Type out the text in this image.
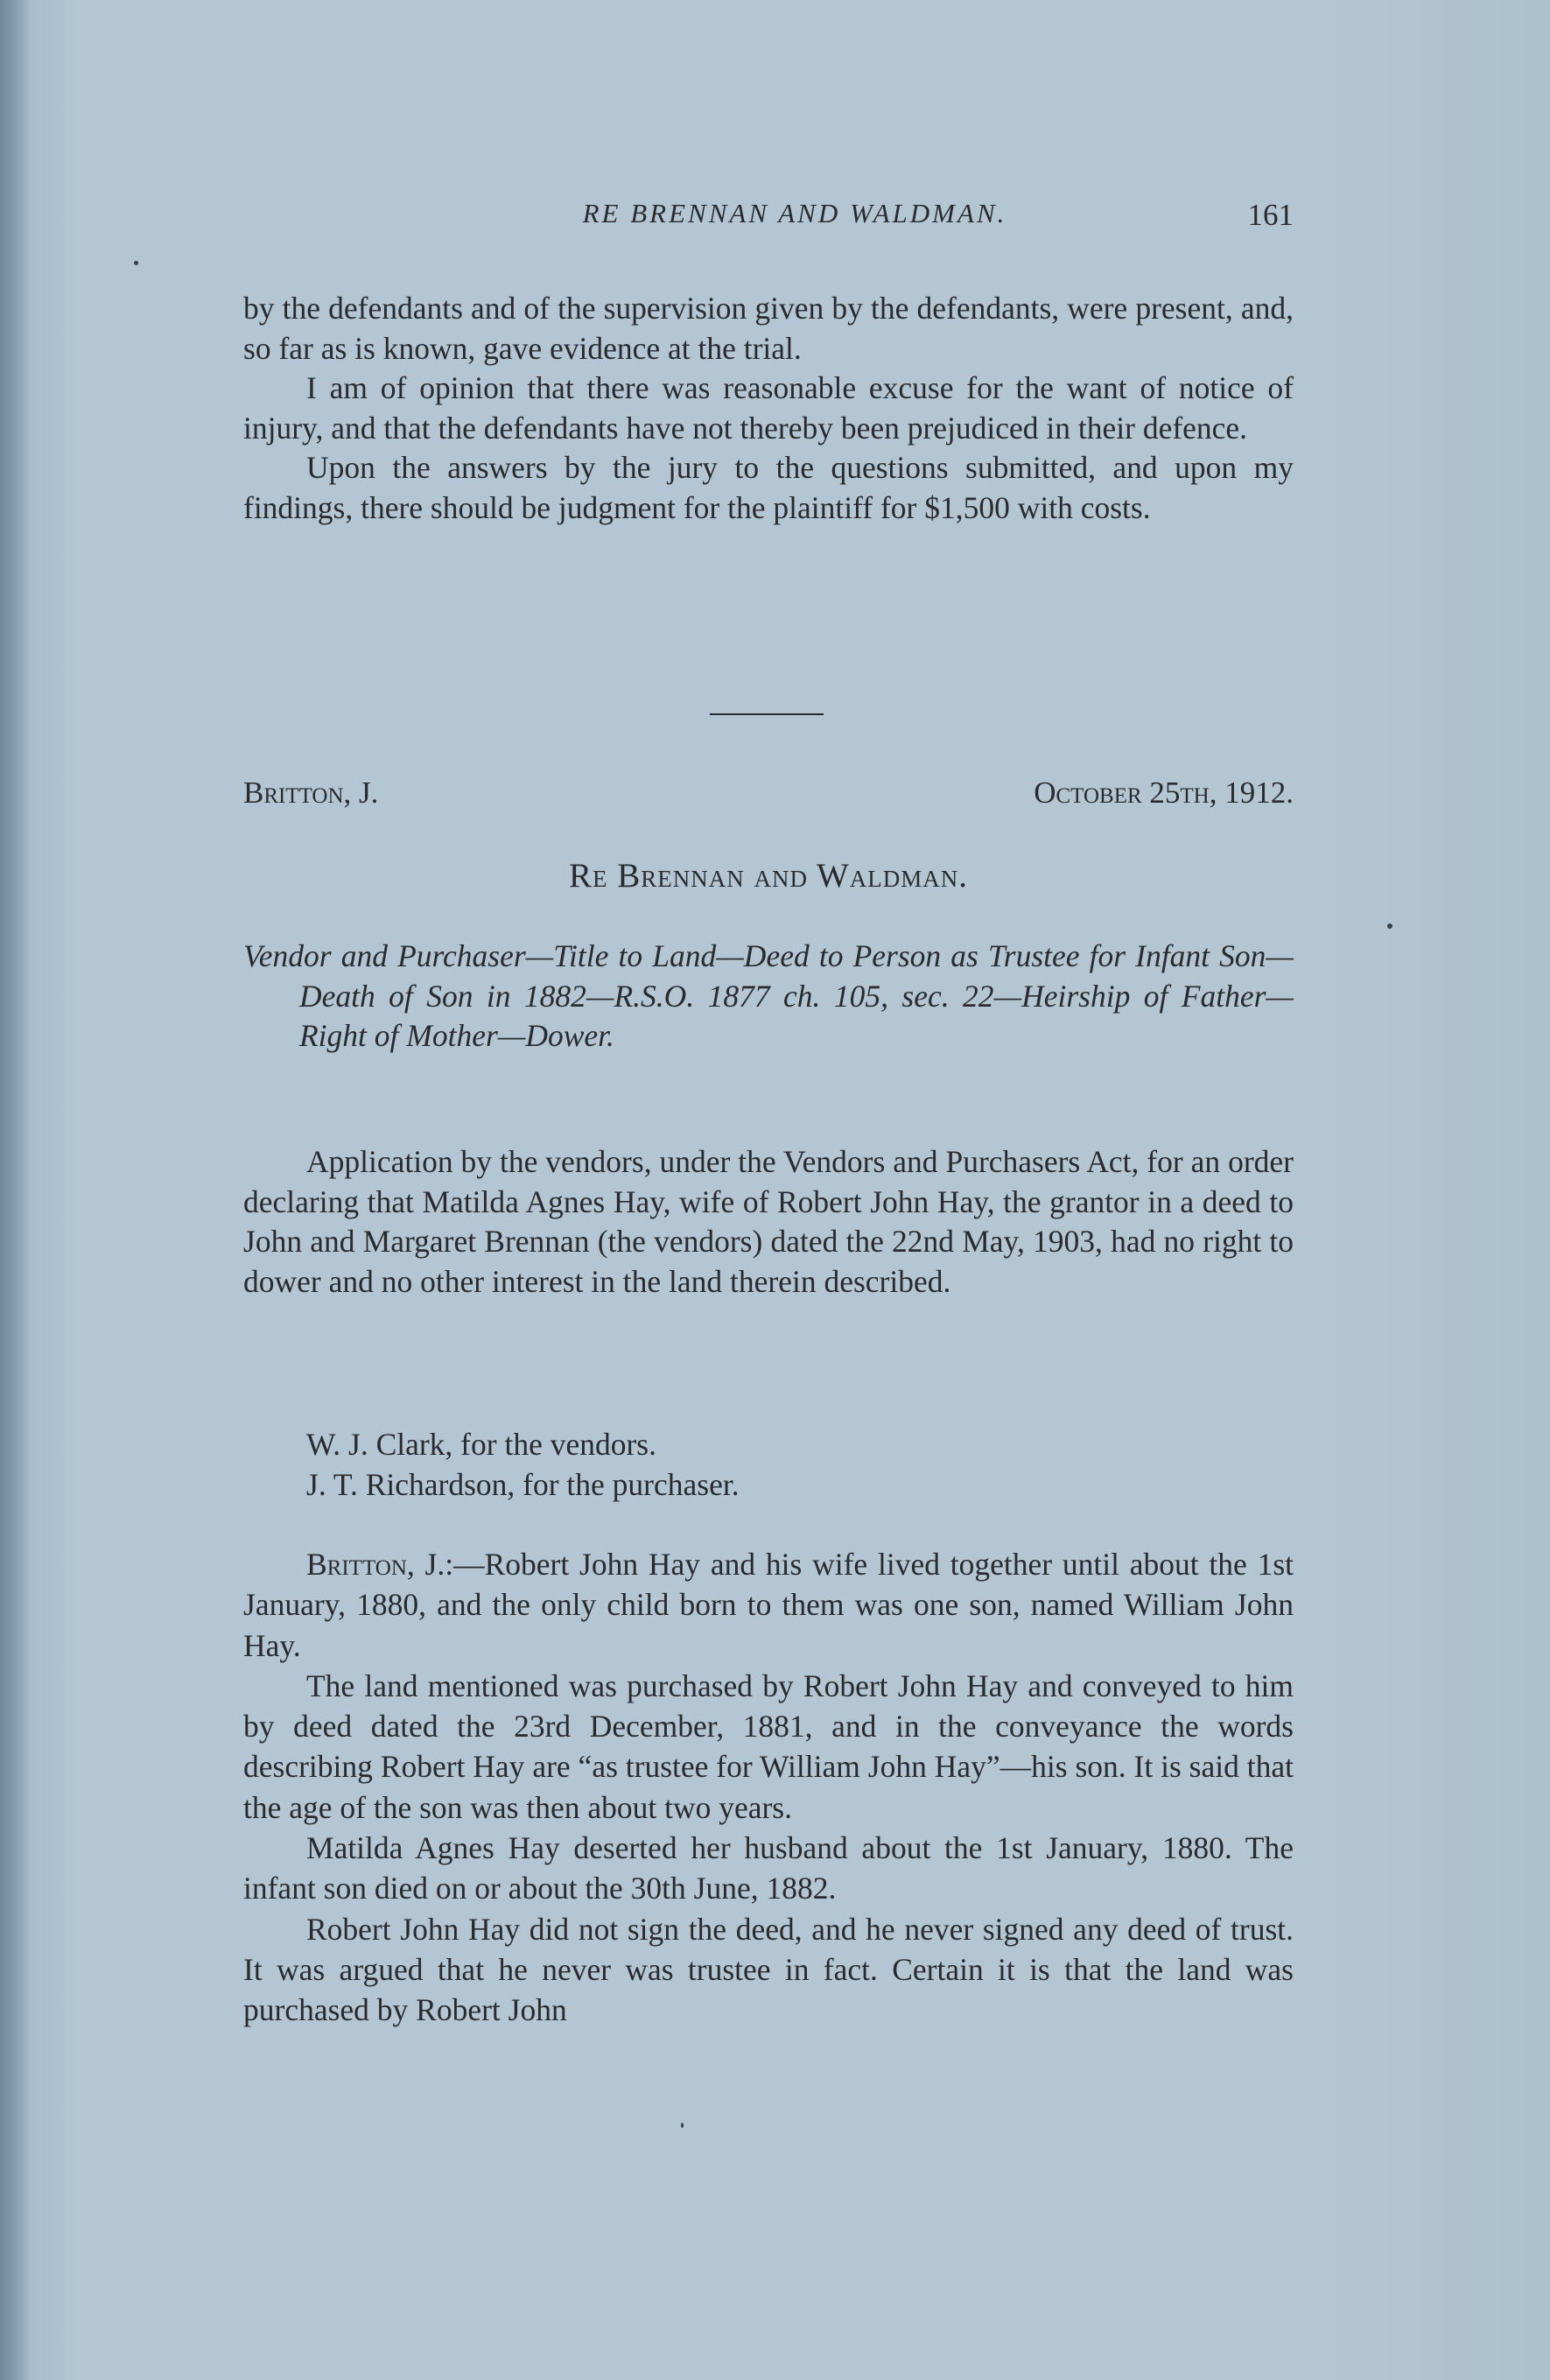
RE BRENNAN AND WALDMAN.	161

by the defendants and of the supervision given by the defendants, were present, and, so far as is known, gave evidence at the trial.

I am of opinion that there was reasonable excuse for the want of notice of injury, and that the defendants have not thereby been prejudiced in their defence.

Upon the answers by the jury to the questions submitted, and upon my findings, there should be judgment for the plaintiff for $1,500 with costs.

Britton, J.	October 25th, 1912.
Re Brennan and Waldman.
Vendor and Purchaser—Title to Land—Deed to Person as Trustee for Infant Son—Death of Son in 1882—R.S.O. 1877 ch. 105, sec. 22—Heirship of Father—Right of Mother—Dower.
Application by the vendors, under the Vendors and Purchasers Act, for an order declaring that Matilda Agnes Hay, wife of Robert John Hay, the grantor in a deed to John and Margaret Brennan (the vendors) dated the 22nd May, 1903, had no right to dower and no other interest in the land therein described.
W. J. Clark, for the vendors.
J. T. Richardson, for the purchaser.

Britton, J.:—Robert John Hay and his wife lived together until about the 1st January, 1880, and the only child born to them was one son, named William John Hay.

The land mentioned was purchased by Robert John Hay and conveyed to him by deed dated the 23rd December, 1881, and in the conveyance the words describing Robert Hay are “as trustee for William John Hay”—his son. It is said that the age of the son was then about two years.

Matilda Agnes Hay deserted her husband about the 1st January, 1880. The infant son died on or about the 30th June, 1882.

Robert John Hay did not sign the deed, and he never signed any deed of trust. It was argued that he never was trustee in fact. Certain it is that the land was purchased by Robert John
